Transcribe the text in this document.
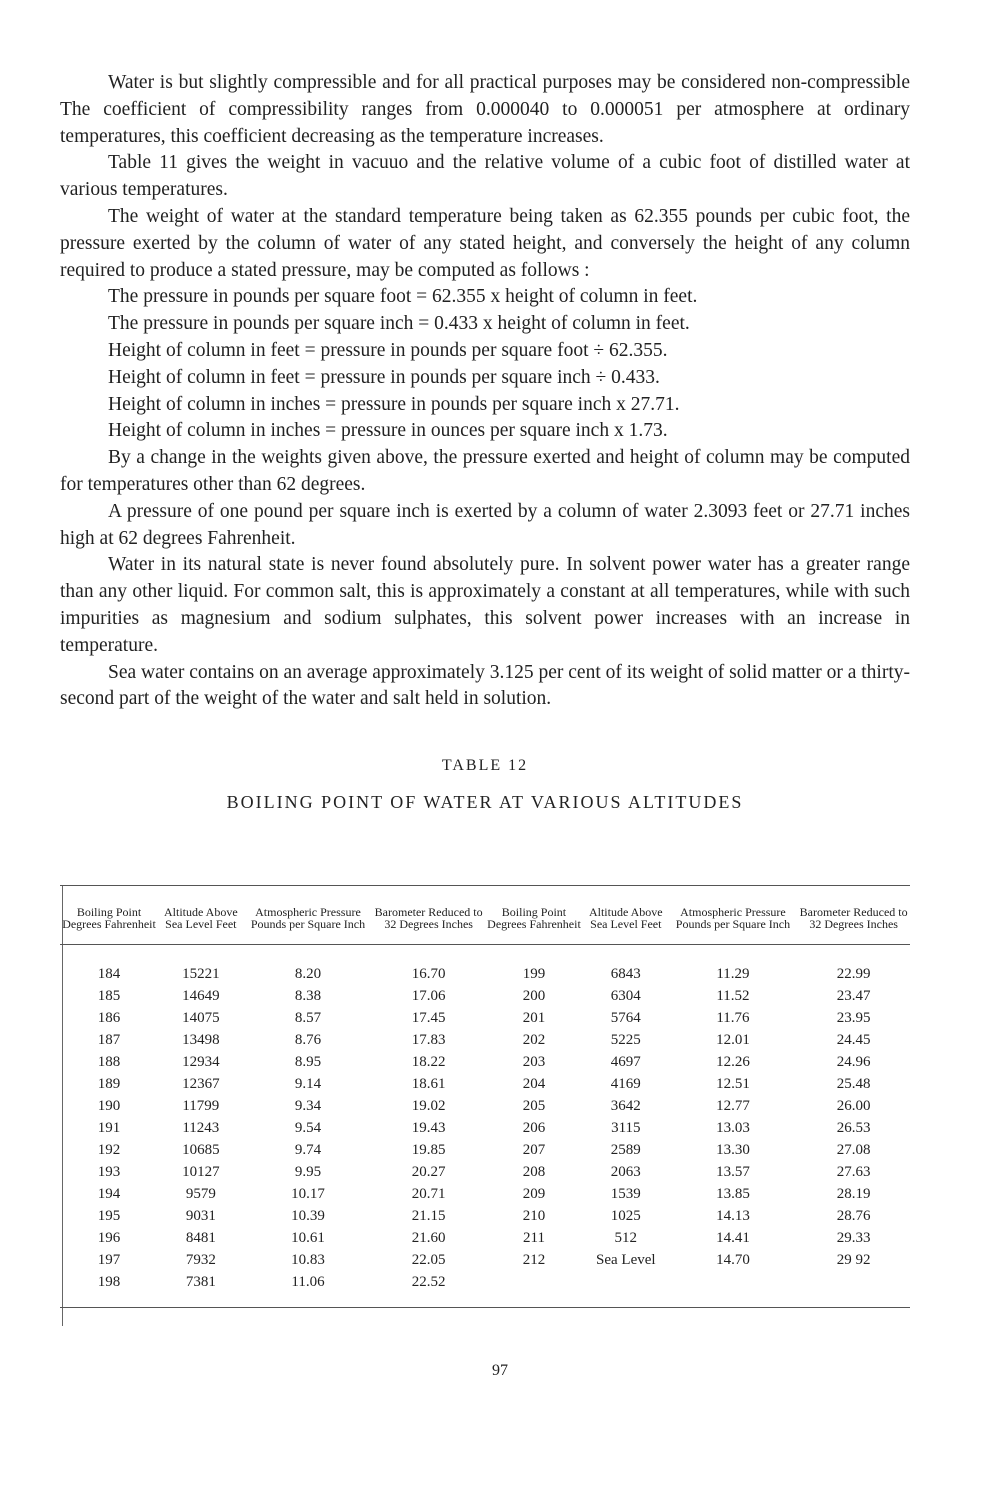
Water is but slightly compressible and for all practical purposes may be considered non-compressible The coefficient of compressibility ranges from 0.000040 to 0.000051 per atmosphere at ordinary temperatures, this coefficient decreasing as the temperature increases.

Table 11 gives the weight in vacuuo and the relative volume of a cubic foot of distilled water at various temperatures.

The weight of water at the standard temperature being taken as 62.355 pounds per cubic foot, the pressure exerted by the column of water of any stated height, and conversely the height of any column required to produce a stated pressure, may be computed as follows :

The pressure in pounds per square foot = 62.355 x height of column in feet.

The pressure in pounds per square inch = 0.433 x height of column in feet.

Height of column in feet = pressure in pounds per square foot ÷ 62.355.

Height of column in feet = pressure in pounds per square inch ÷ 0.433.

Height of column in inches = pressure in pounds per square inch x 27.71.

Height of column in inches = pressure in ounces per square inch x 1.73.

By a change in the weights given above, the pressure exerted and height of column may be computed for temperatures other than 62 degrees.

A pressure of one pound per square inch is exerted by a column of water 2.3093 feet or 27.71 inches high at 62 degrees Fahrenheit.

Water in its natural state is never found absolutely pure. In solvent power water has a greater range than any other liquid. For common salt, this is approximately a constant at all temperatures, while with such impurities as magnesium and sodium sulphates, this solvent power increases with an increase in temperature.

Sea water contains on an average approximately 3.125 per cent of its weight of solid matter or a thirty-second part of the weight of the water and salt held in solution.

TABLE 12
BOILING POINT OF WATER AT VARIOUS ALTITUDES
Boiling Point Degrees Fahrenheit	Altitude Above Sea Level Feet	Atmospheric Pressure Pounds per Square Inch	Barometer Reduced to 32 Degrees Inches	Boiling Point Degrees Fahrenheit	Altitude Above Sea Level Feet	Atmospheric Pressure Pounds per Square Inch	Barometer Reduced to 32 Degrees Inches
184	15221	8.20	16.70	199	6843	11.29	22.99
185	14649	8.38	17.06	200	6304	11.52	23.47
186	14075	8.57	17.45	201	5764	11.76	23.95
187	13498	8.76	17.83	202	5225	12.01	24.45
188	12934	8.95	18.22	203	4697	12.26	24.96
189	12367	9.14	18.61	204	4169	12.51	25.48
190	11799	9.34	19.02	205	3642	12.77	26.00
191	11243	9.54	19.43	206	3115	13.03	26.53
192	10685	9.74	19.85	207	2589	13.30	27.08
193	10127	9.95	20.27	208	2063	13.57	27.63
194	9579	10.17	20.71	209	1539	13.85	28.19
195	9031	10.39	21.15	210	1025	14.13	28.76
196	8481	10.61	21.60	211	512	14.41	29.33
197	7932	10.83	22.05	212	Sea Level	14.70	29 92
198	7381	11.06	22.52				

97
